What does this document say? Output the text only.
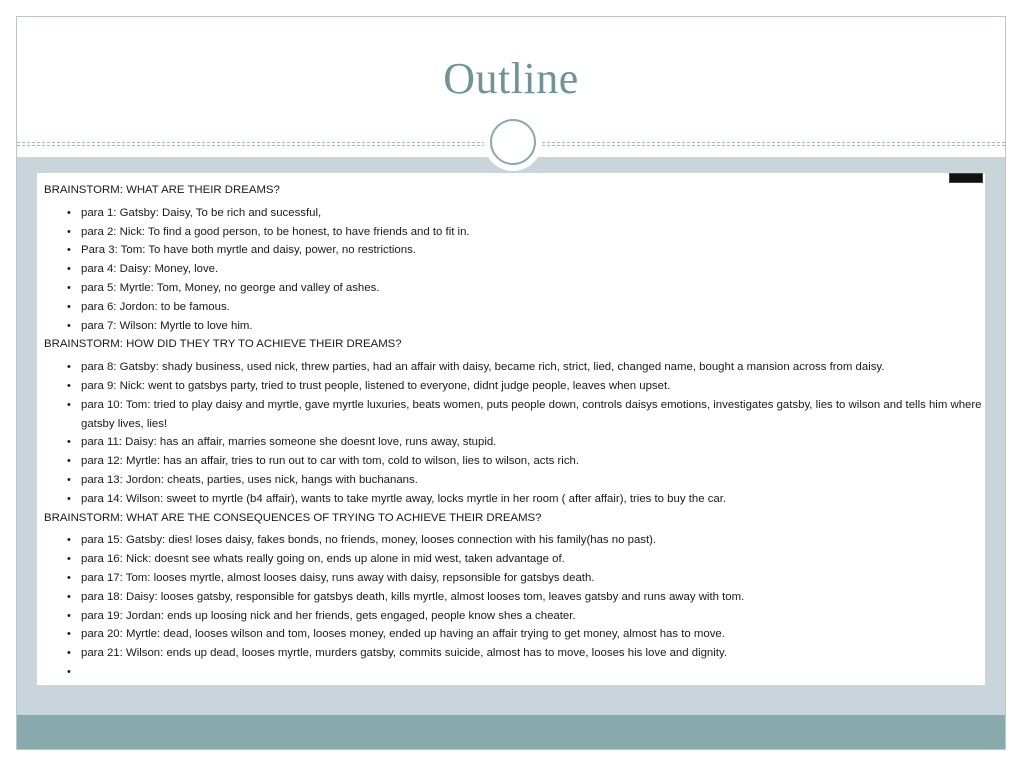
Outline
BRAINSTORM: WHAT ARE THEIR DREAMS?
• para 1: Gatsby: Daisy, To be rich and sucessful,
• para 2: Nick: To find a good person, to be honest, to have friends and to fit in.
• Para 3: Tom: To have both myrtle and daisy, power, no restrictions.
• para 4: Daisy: Money, love.
• para 5: Myrtle: Tom, Money, no george and valley of ashes.
• para 6: Jordon: to be famous.
• para 7: Wilson: Myrtle to love him.
BRAINSTORM: HOW DID THEY TRY TO ACHIEVE THEIR DREAMS?
• para 8: Gatsby: shady business, used nick, threw parties, had an affair with daisy, became rich, strict, lied, changed name, bought a mansion across from daisy.
• para 9: Nick: went to gatsbys party, tried to trust people, listened to everyone, didnt judge people, leaves when upset.
• para 10: Tom: tried to play daisy and myrtle, gave myrtle luxuries, beats women, puts people down, controls daisys emotions, investigates gatsby, lies to wilson and tells him where gatsby lives, lies!
• para 11: Daisy: has an affair, marries someone she doesnt love, runs away, stupid.
• para 12: Myrtle: has an affair, tries to run out to car with tom, cold to wilson, lies to wilson, acts rich.
• para 13: Jordon: cheats, parties, uses nick, hangs with buchanans.
• para 14: Wilson: sweet to myrtle (b4 affair), wants to take myrtle away, locks myrtle in her room ( after affair), tries to buy the car.
BRAINSTORM: WHAT ARE THE CONSEQUENCES OF TRYING TO ACHIEVE THEIR DREAMS?
• para 15: Gatsby: dies! loses daisy, fakes bonds, no friends, money, looses connection with his family(has no past).
• para 16: Nick: doesnt see whats really going on, ends up alone in mid west, taken advantage of.
• para 17: Tom: looses myrtle, almost looses daisy, runs away with daisy, repsonsible for gatsbys death.
• para 18: Daisy: looses gatsby, responsible for gatsbys death, kills myrtle, almost looses tom, leaves gatsby and runs away with tom.
• para 19: Jordan: ends up loosing nick and her friends, gets engaged, people know shes a cheater.
• para 20: Myrtle: dead, looses wilson and tom, looses money, ended up having an affair trying to get money, almost has to move.
• para 21: Wilson: ends up dead, looses myrtle, murders gatsby, commits suicide, almost has to move, looses his love and dignity.
